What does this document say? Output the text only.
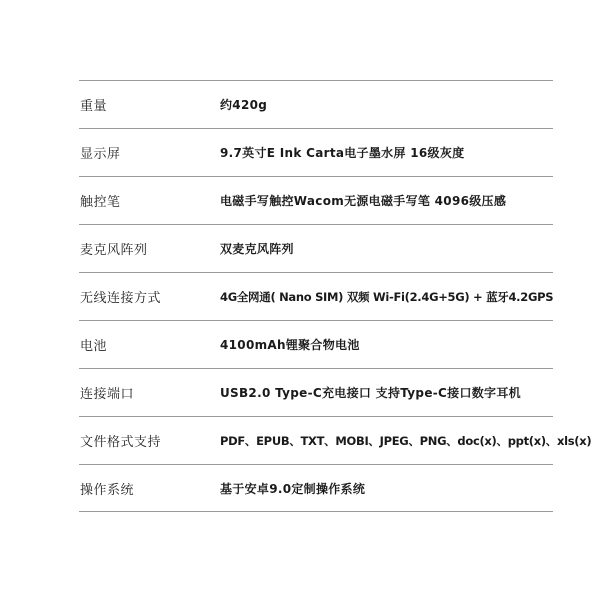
重量	约420g
显示屏	9.7英寸E Ink Carta电子墨水屏 16级灰度
触控笔	电磁手写触控Wacom无源电磁手写笔 4096级压感
麦克风阵列	双麦克风阵列
无线连接方式	4G全网通( Nano SIM) 双频 Wi-Fi(2.4G+5G) + 蓝牙4.2GPS
电池	4100mAh锂聚合物电池
连接端口	USB2.0 Type-C充电接口 支持Type-C接口数字耳机
文件格式支持	PDF、EPUB、TXT、MOBI、JPEG、PNG、doc(x)、ppt(x)、xls(x)
操作系统	基于安卓9.0定制操作系统
